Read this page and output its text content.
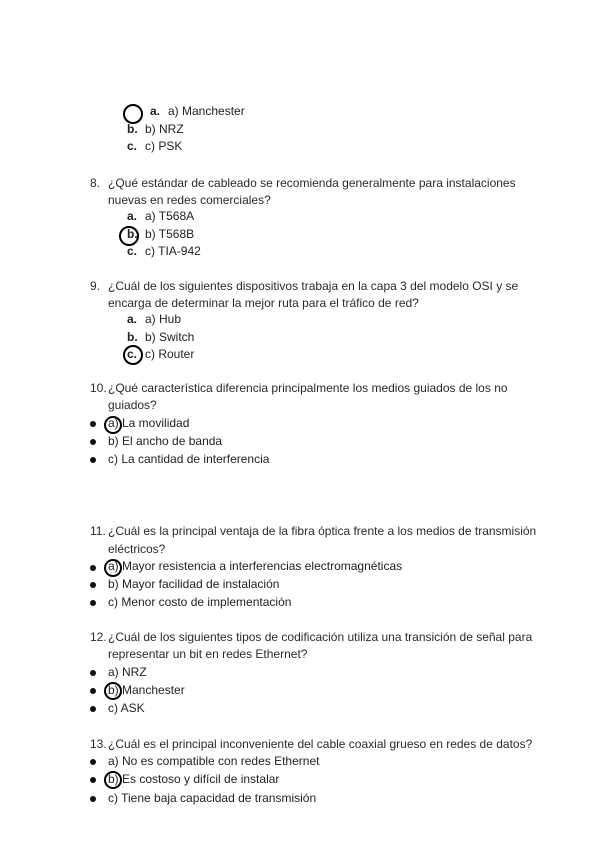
a. a) Manchester
b. b) NRZ
c. c) PSK
8. ¿Qué estándar de cableado se recomienda generalmente para instalaciones
nuevas en redes comerciales?
a. a) T568A
b. b) T568B
c. c) TIA-942
9. ¿Cuál de los siguientes dispositivos trabaja en la capa 3 del modelo OSI y se
encarga de determinar la mejor ruta para el tráfico de red?
a. a) Hub
b. b) Switch
c. c) Router
10. ¿Qué característica diferencia principalmente los medios guiados de los no
guiados?
a) La movilidad
b) El ancho de banda
c) La cantidad de interferencia
11. ¿Cuál es la principal ventaja de la fibra óptica frente a los medios de transmisión
eléctricos?
a) Mayor resistencia a interferencias electromagnéticas
b) Mayor facilidad de instalación
c) Menor costo de implementación
12. ¿Cuál de los siguientes tipos de codificación utiliza una transición de señal para
representar un bit en redes Ethernet?
a) NRZ
b) Manchester
c) ASK
13. ¿Cuál es el principal inconveniente del cable coaxial grueso en redes de datos?
a) No es compatible con redes Ethernet
b) Es costoso y difícil de instalar
c) Tiene baja capacidad de transmisión
